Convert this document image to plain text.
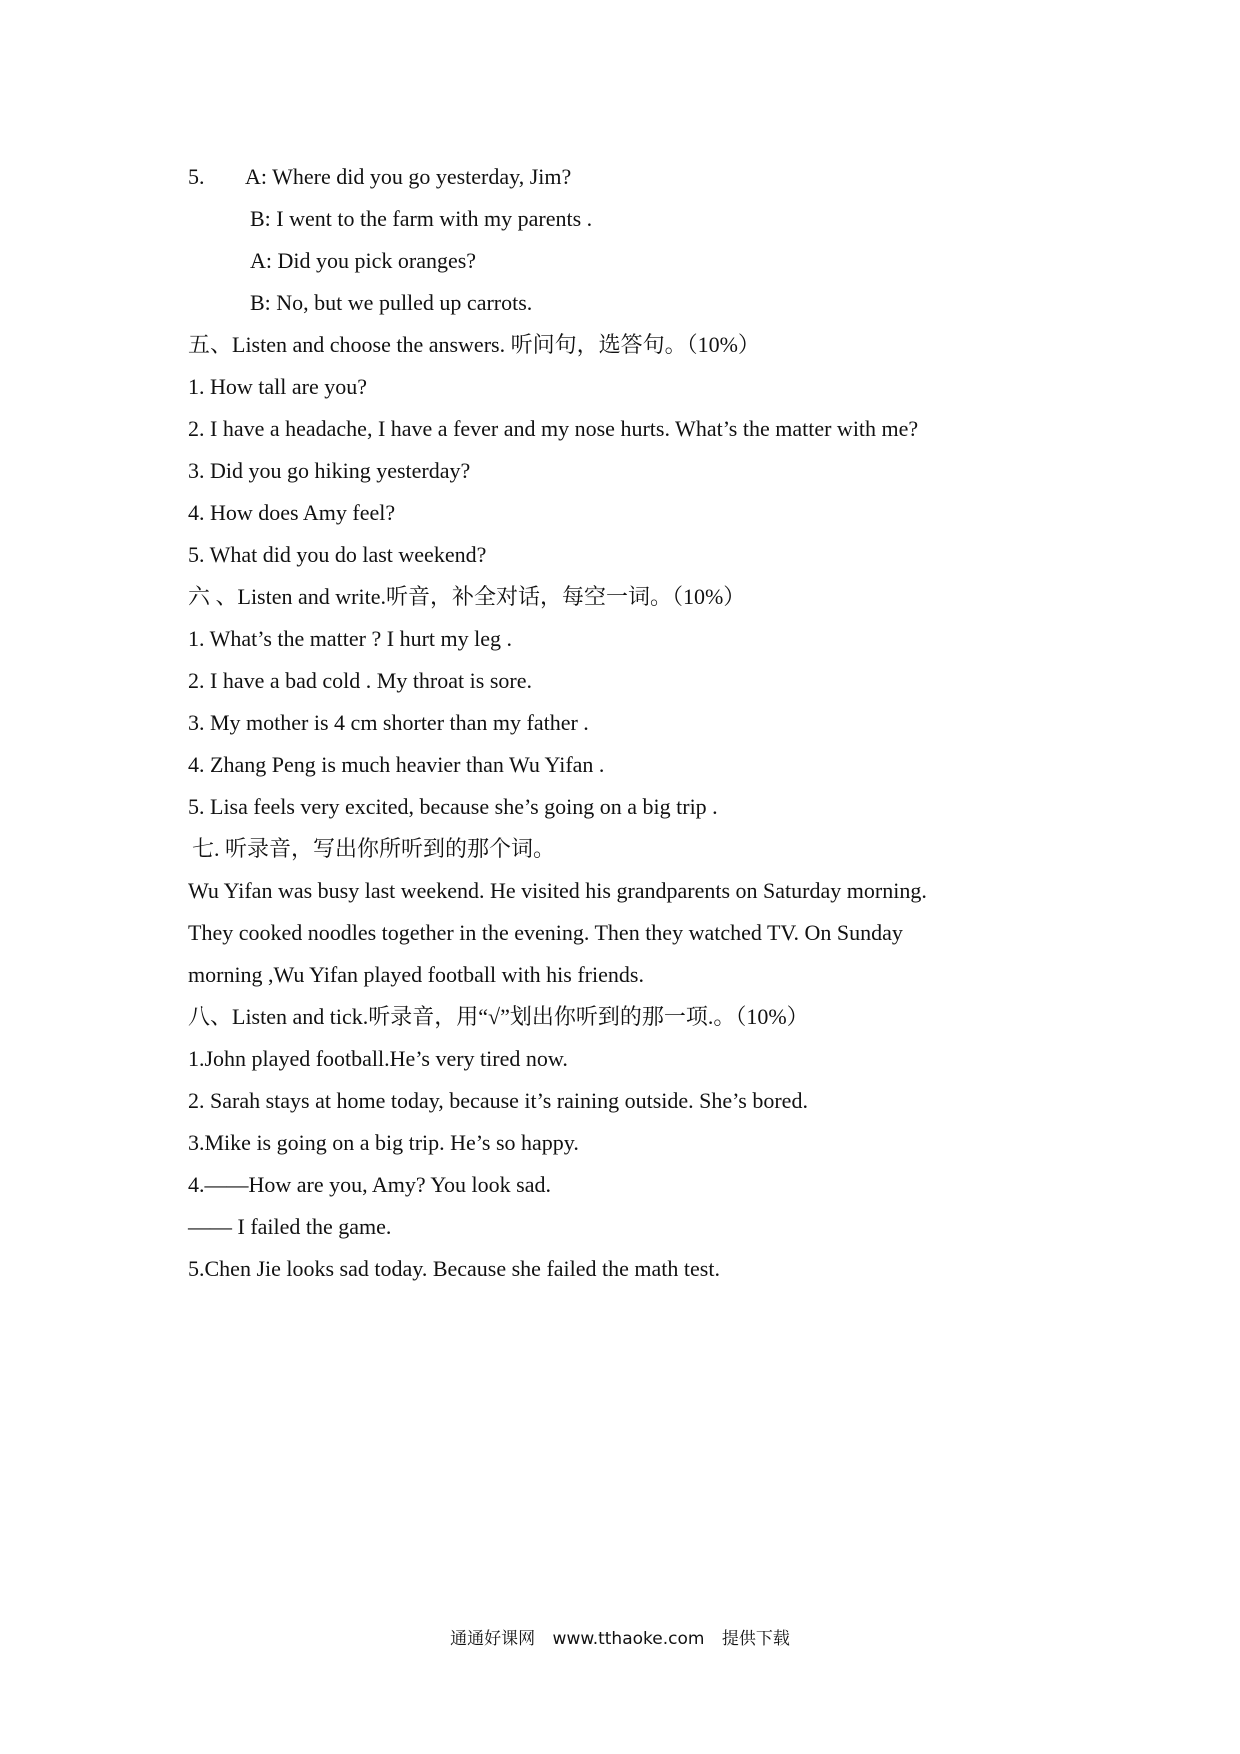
5. A: Where did you go yesterday, Jim?
B: I went to the farm with my parents .
A: Did you pick oranges?
B: No, but we pulled up carrots.
五、Listen and choose the answers. 听问句，选答句。（10%）
1. How tall are you?
2. I have a headache, I have a fever and my nose hurts. What’s the matter with me?
3. Did you go hiking yesterday?
4. How does Amy feel?
5. What did you do last weekend?
六 、Listen and write.听音，补全对话，每空一词。（10%）
1. What’s the matter ? I hurt my leg .
2. I have a bad cold . My throat is sore.
3. My mother is 4 cm shorter than my father .
4. Zhang Peng is much heavier than Wu Yifan .
5. Lisa feels very excited, because she’s going on a big trip .
七. 听录音，写出你所听到的那个词。
Wu Yifan was busy last weekend. He visited his grandparents on Saturday morning.
They cooked noodles together in the evening. Then they watched TV. On Sunday
morning ,Wu Yifan played football with his friends.
八、Listen and tick.听录音，用“√”划出你听到的那一项.。（10%）
1.John played football.He’s very tired now.
2. Sarah stays at home today, because it’s raining outside. She’s bored.
3.Mike is going on a big trip. He’s so happy.
4.——How are you, Amy? You look sad.
—— I failed the game.
5.Chen Jie looks sad today. Because she failed the math test.
通通好课网 www.tthaoke.com 提供下载
